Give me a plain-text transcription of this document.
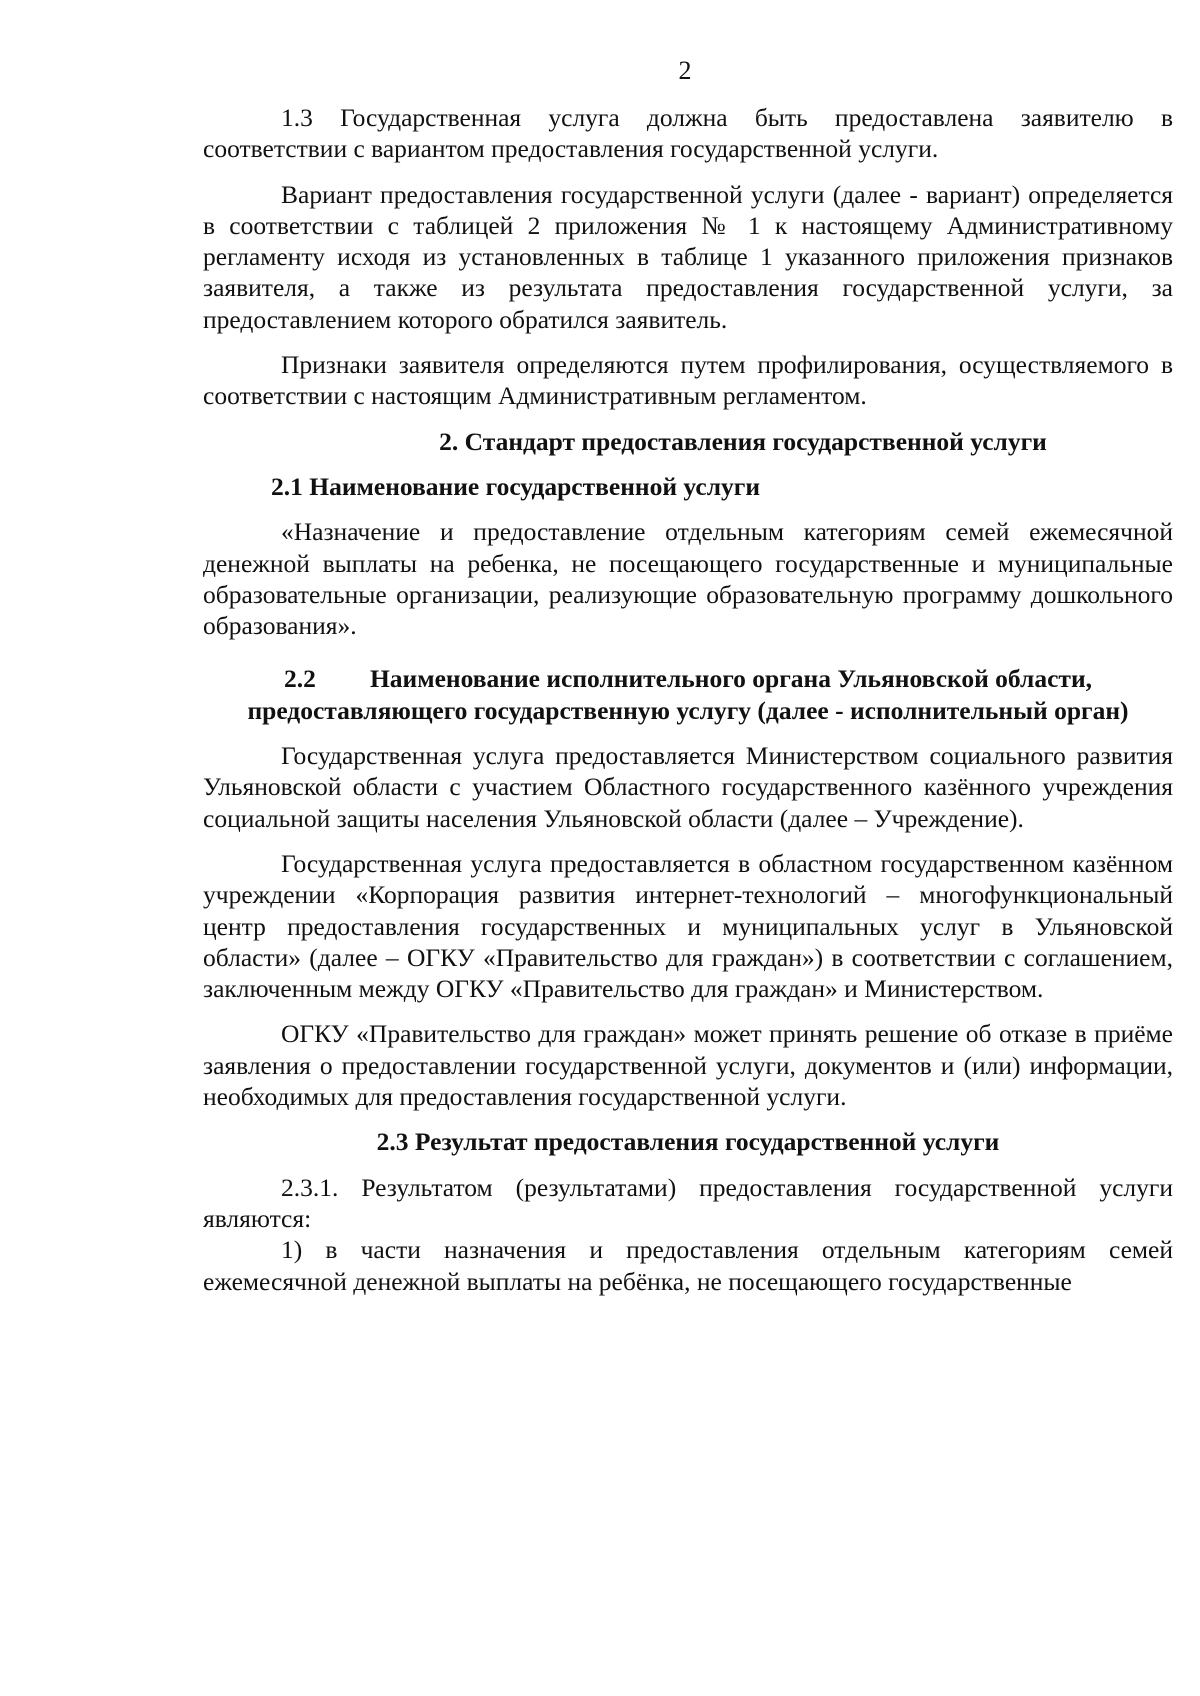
2

1.3 Государственная услуга должна быть предоставлена заявителю в соответствии с вариантом предоставления государственной услуги.

Вариант предоставления государственной услуги (далее - вариант) определяется в соответствии с таблицей 2 приложения № 1 к настоящему Административному регламенту исходя из установленных в таблице 1 указанного приложения признаков заявителя, а также из результата предоставления государственной услуги, за предоставлением которого обратился заявитель.

Признаки заявителя определяются путем профилирования, осуществляемого в соответствии с настоящим Административным регламентом.

2. Стандарт предоставления государственной услуги
2.1 Наименование государственной услуги

«Назначение и предоставление отдельным категориям семей ежемесячной денежной выплаты на ребенка, не посещающего государственные и муниципальные образовательные организации, реализующие образовательную программу дошкольного образования».

2.2 Наименование исполнительного органа Ульяновской области, предоставляющего государственную услугу (далее - исполнительный орган)

Государственная услуга предоставляется Министерством социального развития Ульяновской области с участием Областного государственного казённого учреждения социальной защиты населения Ульяновской области (далее – Учреждение).

Государственная услуга предоставляется в областном государственном казённом учреждении «Корпорация развития интернет-технологий – многофункциональный центр предоставления государственных и муниципальных услуг в Ульяновской области» (далее – ОГКУ «Правительство для граждан») в соответствии с соглашением, заключенным между ОГКУ «Правительство для граждан» и Министерством.

ОГКУ «Правительство для граждан» может принять решение об отказе в приёме заявления о предоставлении государственной услуги, документов и (или) информации, необходимых для предоставления государственной услуги.

2.3 Результат предоставления государственной услуги

2.3.1. Результатом (результатами) предоставления государственной услуги являются:

1) в части назначения и предоставления отдельным категориям семей ежемесячной денежной выплаты на ребёнка, не посещающего государственные
